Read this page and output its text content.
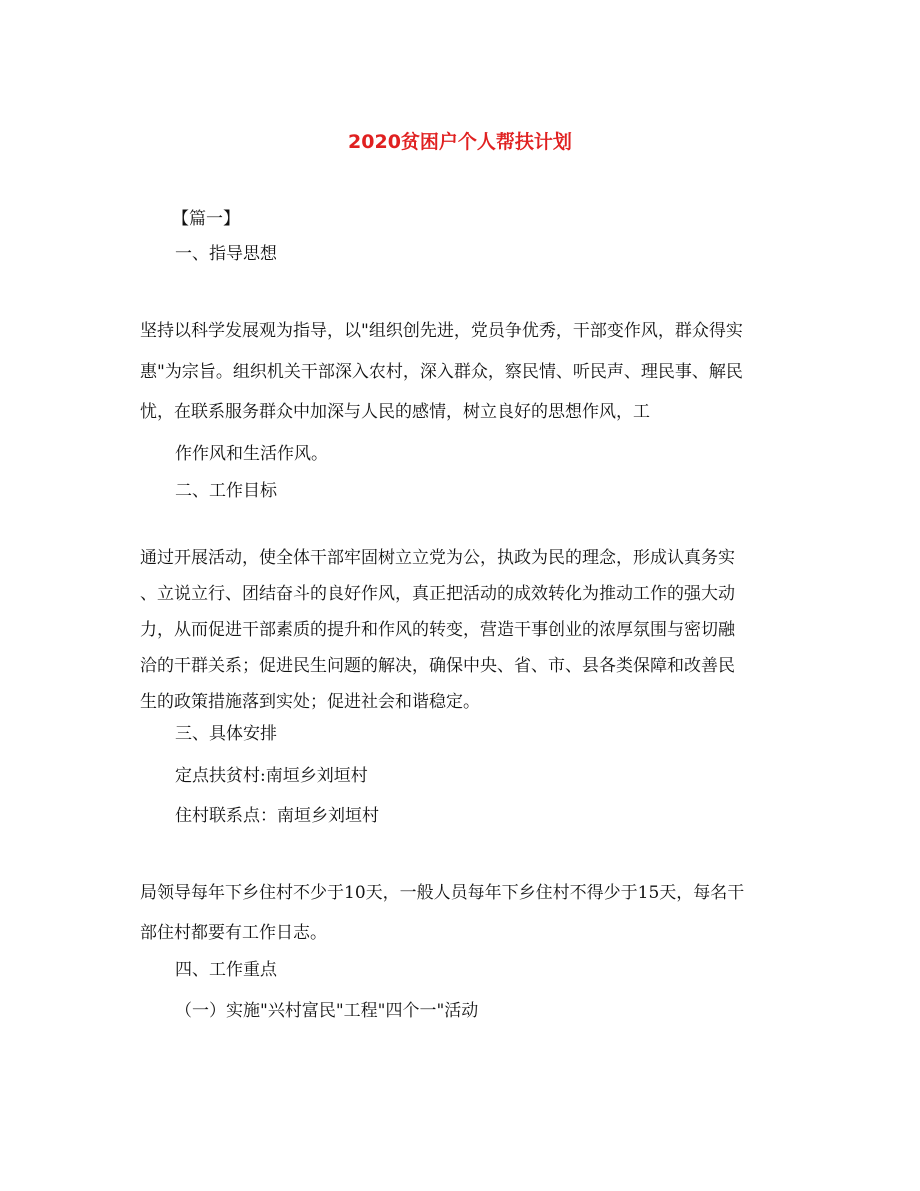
2020贫困户个人帮扶计划
【篇一】
一、指导思想
坚持以科学发展观为指导，以"组织创先进，党员争优秀，干部变作风，群众得实
惠"为宗旨。组织机关干部深入农村，深入群众，察民情、听民声、理民事、解民
忧，在联系服务群众中加深与人民的感情，树立良好的思想作风，工
作作风和生活作风。
二、工作目标
通过开展活动，使全体干部牢固树立立党为公，执政为民的理念，形成认真务实
、立说立行、团结奋斗的良好作风，真正把活动的成效转化为推动工作的强大动
力，从而促进干部素质的提升和作风的转变，营造干事创业的浓厚氛围与密切融
洽的干群关系；促进民生问题的解决，确保中央、省、市、县各类保障和改善民
生的政策措施落到实处；促进社会和谐稳定。
三、具体安排
定点扶贫村:南垣乡刘垣村
住村联系点：南垣乡刘垣村
局领导每年下乡住村不少于10天，一般人员每年下乡住村不得少于15天，每名干
部住村都要有工作日志。
四、工作重点
（一）实施"兴村富民"工程"四个一"活动
